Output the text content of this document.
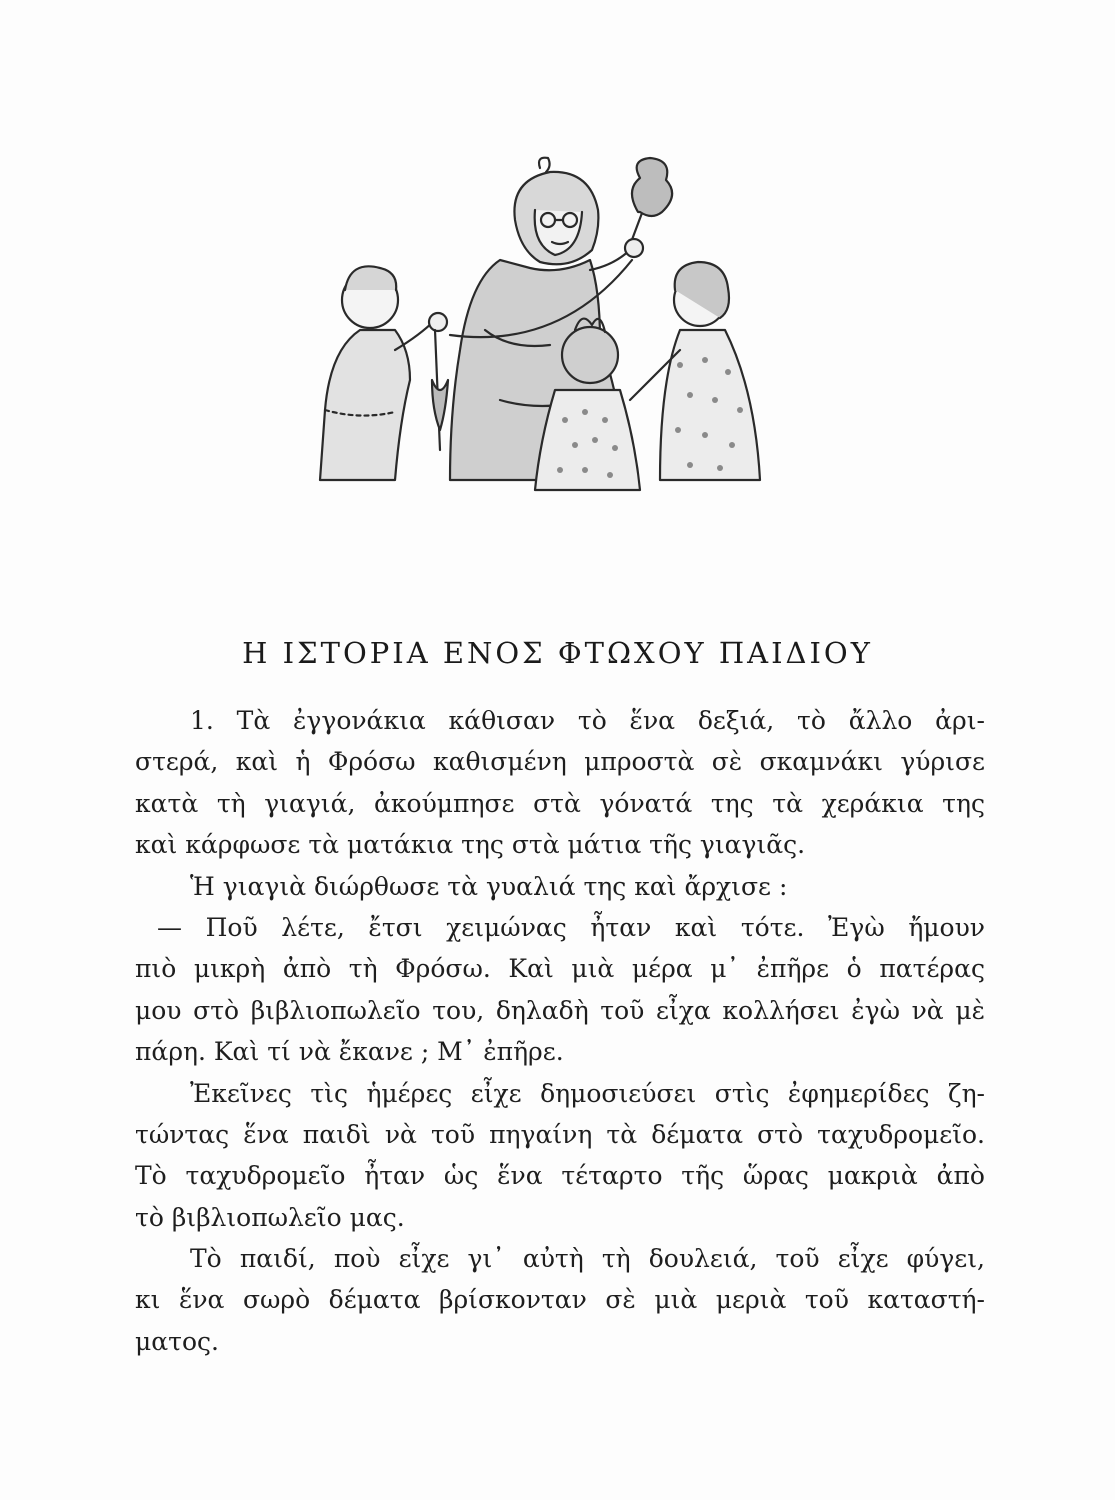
Η ΙΣΤΟΡΙΑ ΕΝΟΣ ΦΤΩΧΟΥ ΠΑΙΔΙΟΥ
1. Τὰ ἐγγονάκια κάθισαν τὸ ἕνα δεξιά, τὸ ἄλλο ἀρι-
στερά, καὶ ἡ Φρόσω καθισμένη μπροστὰ σὲ σκαμνάκι γύρισε
κατὰ τὴ γιαγιά, ἀκούμπησε στὰ γόνατά της τὰ χεράκια της
καὶ κάρφωσε τὰ ματάκια της στὰ μάτια τῆς γιαγιᾶς.
Ἡ γιαγιὰ διώρθωσε τὰ γυαλιά της καὶ ἄρχισε :
— Ποῦ λέτε, ἔτσι χειμώνας ἦταν καὶ τότε. Ἐγὼ ἤμουν
πιὸ μικρὴ ἀπὸ τὴ Φρόσω. Καὶ μιὰ μέρα μ᾿ ἐπῆρε ὁ πατέρας
μου στὸ βιβλιοπωλεῖο του, δηλαδὴ τοῦ εἶχα κολλήσει ἐγὼ νὰ μὲ
πάρη. Καὶ τί νὰ ἔκανε ; Μ᾿ ἐπῆρε.
Ἐκεῖνες τὶς ἡμέρες εἶχε δημοσιεύσει στὶς ἐφημερίδες ζη-
τώντας ἕνα παιδὶ νὰ τοῦ πηγαίνη τὰ δέματα στὸ ταχυδρομεῖο.
Τὸ ταχυδρομεῖο ἦταν ὡς ἕνα τέταρτο τῆς ὥρας μακριὰ ἀπὸ
τὸ βιβλιοπωλεῖο μας.
Τὸ παιδί, ποὺ εἶχε γι᾿ αὐτὴ τὴ δουλειά, τοῦ εἶχε φύγει,
κι ἕνα σωρὸ δέματα βρίσκονταν σὲ μιὰ μεριὰ τοῦ καταστή-
ματος.
